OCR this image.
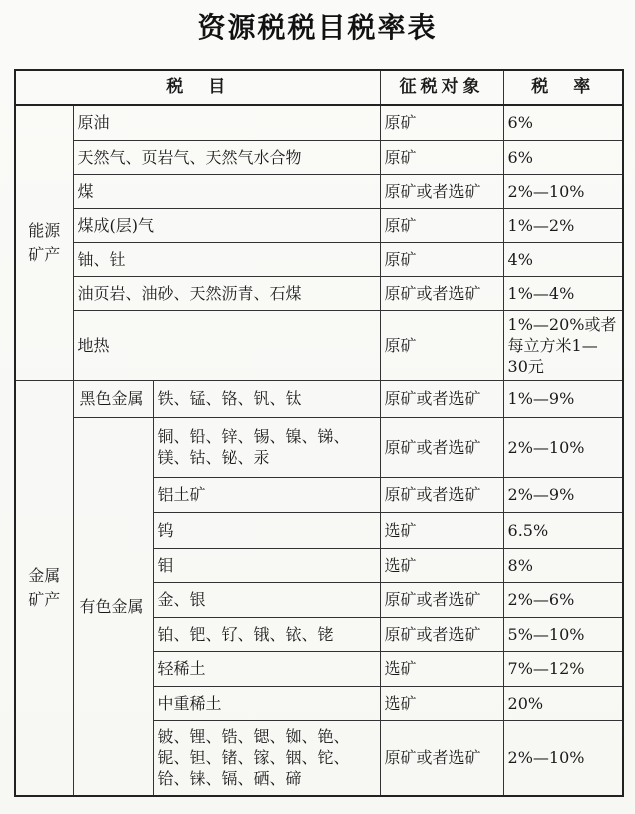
资源税税目税率表
税　目			征税对象	税　率

能源
矿产	原油		原矿	6%
	天然气、页岩气、天然气水合物		原矿	6%
	煤		原矿或者选矿	2%—10%
	煤成(层)气		原矿	1%—2%
	铀、钍		原矿	4%
	油页岩、油砂、天然沥青、石煤		原矿或者选矿	1%—4%
	地热		原矿	1%—20%或者每立方米1—30元

金属
矿产	黑色金属	铁、锰、铬、钒、钛	原矿或者选矿	1%—9%
	有色金属	铜、铅、锌、锡、镍、锑、镁、钴、铋、汞	原矿或者选矿	2%—10%
		铝土矿	原矿或者选矿	2%—9%
		钨	选矿	6.5%
		钼	选矿	8%
		金、银	原矿或者选矿	2%—6%
		铂、钯、钌、锇、铱、铑	原矿或者选矿	5%—10%
		轻稀土	选矿	7%—12%
		中重稀土	选矿	20%
		铍、锂、锆、锶、铷、铯、铌、钽、锗、镓、铟、铊、铪、铼、镉、硒、碲	原矿或者选矿	2%—10%
